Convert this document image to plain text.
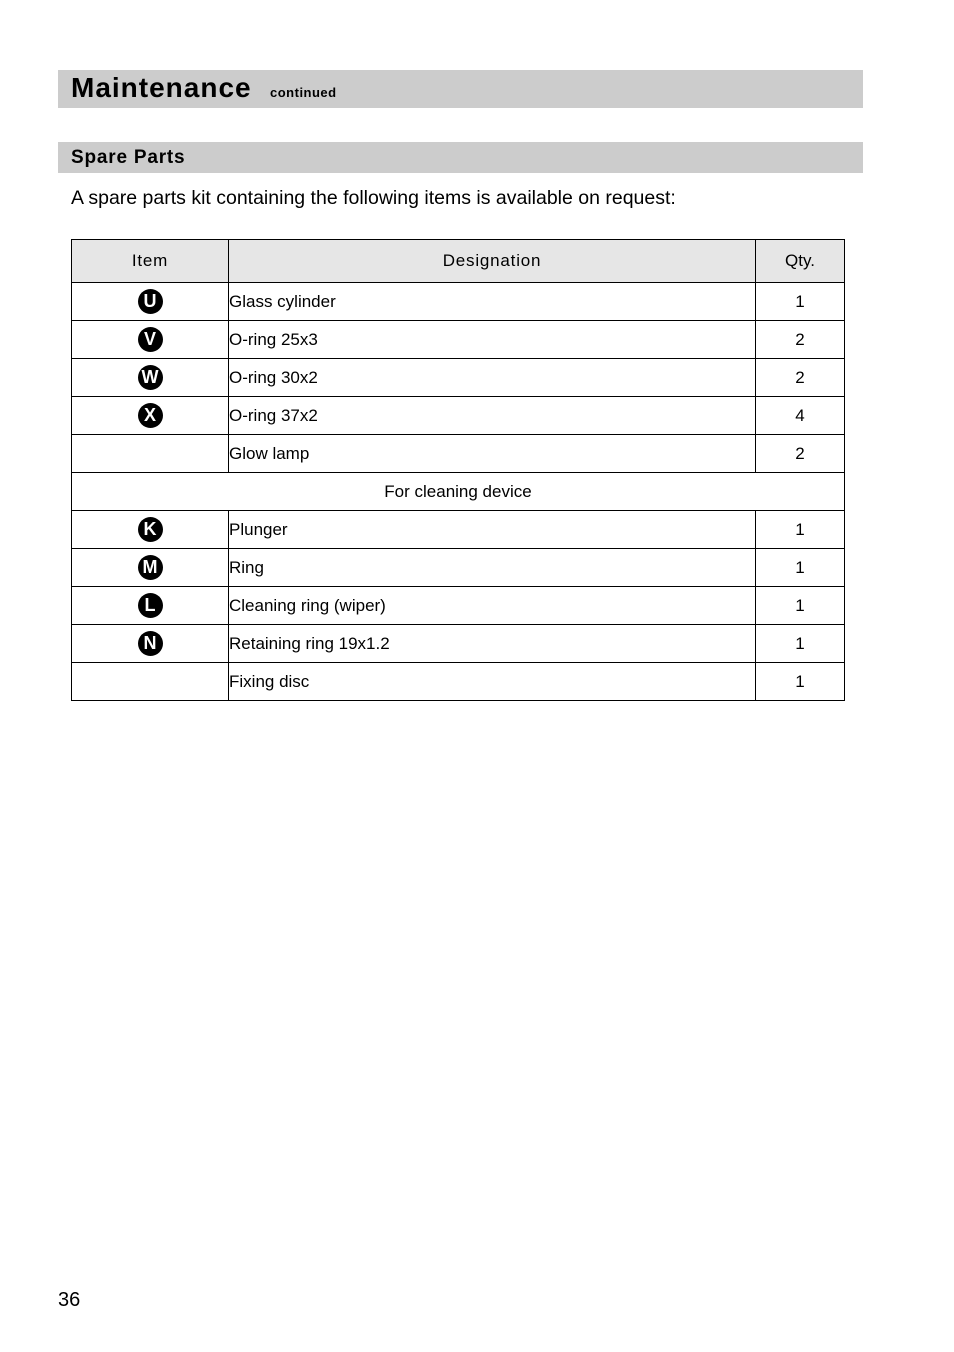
Maintenance continued
Spare Parts
A spare parts kit containing the following items is available on request:
Item	Designation	Qty.
U	Glass cylinder	1
V	O-ring 25x3	2
W	O-ring 30x2	2
X	O-ring 37x2	4
	Glow lamp	2
For cleaning device		
K	Plunger	1
M	Ring	1
L	Cleaning ring (wiper)	1
N	Retaining ring 19x1.2	1
	Fixing disc	1
36
